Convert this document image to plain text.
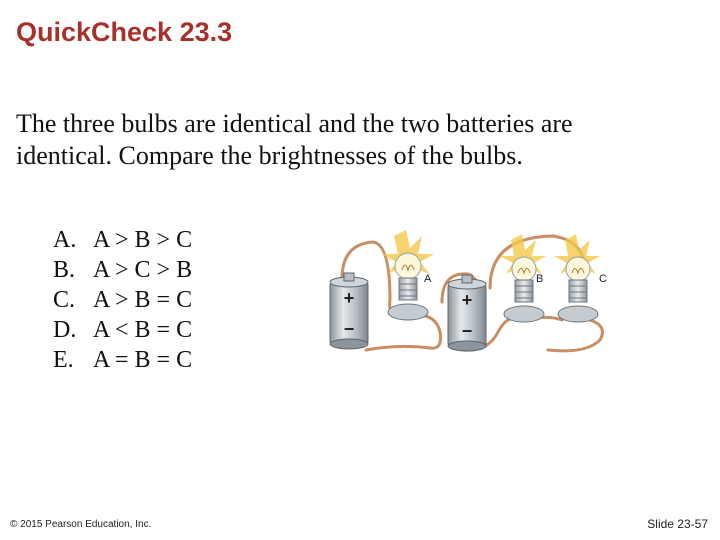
QuickCheck 23.3

The three bulbs are identical and the two batteries are identical. Compare the brightnesses of the bulbs.

A. A > B > C
B. A > C > B
C. A > B = C
D. A < B = C
E. A = B = C
+
−
+
−
A	B	C
© 2015 Pearson Education, Inc.	Slide 23-57
